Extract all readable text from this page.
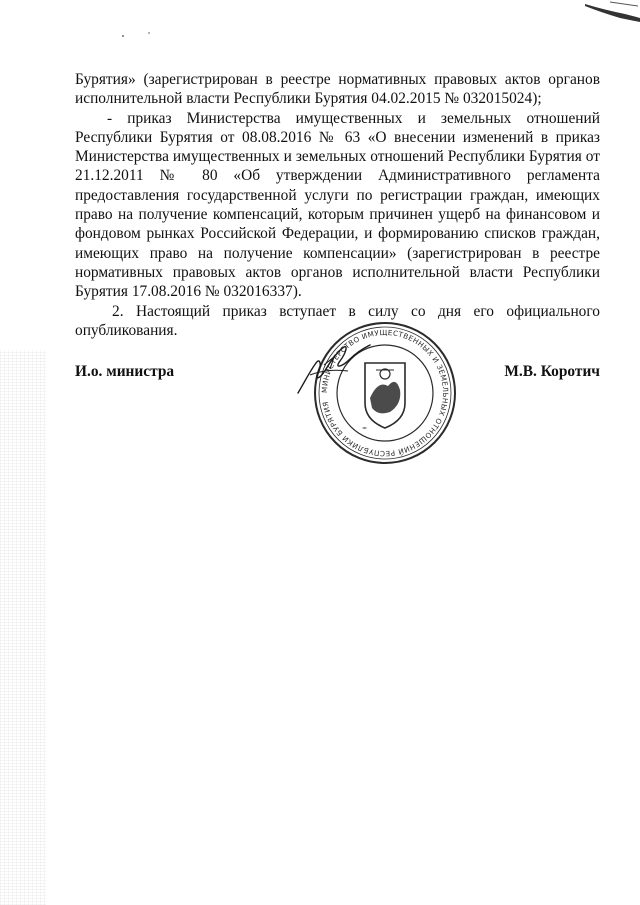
Бурятия» (зарегистрирован в реестре нормативных правовых актов органов исполнительной власти Республики Бурятия 04.02.2015 № 032015024);

- приказ Министерства имущественных и земельных отношений Республики Бурятия от 08.08.2016 № 63 «О внесении изменений в приказ Министерства имущественных и земельных отношений Республики Бурятия от 21.12.2011 № 80 «Об утверждении Административного регламента предоставления государственной услуги по регистрации граждан, имеющих право на получение компенсаций, которым причинен ущерб на финансовом и фондовом рынках Российской Федерации, и формированию списков граждан, имеющих право на получение компенсации» (зарегистрирован в реестре нормативных правовых актов органов исполнительной власти Республики Бурятия 17.08.2016 № 032016337).

2. Настоящий приказ вступает в силу со дня его официального опубликования.

И.о. министра	М.В. Коротич
МИНИСТЕРСТВО ИМУЩЕСТВЕННЫХ И ЗЕМЕЛЬНЫХ ОТНОШЕНИЙ РЕСПУБЛИКИ БУРЯТИЯ
≈
